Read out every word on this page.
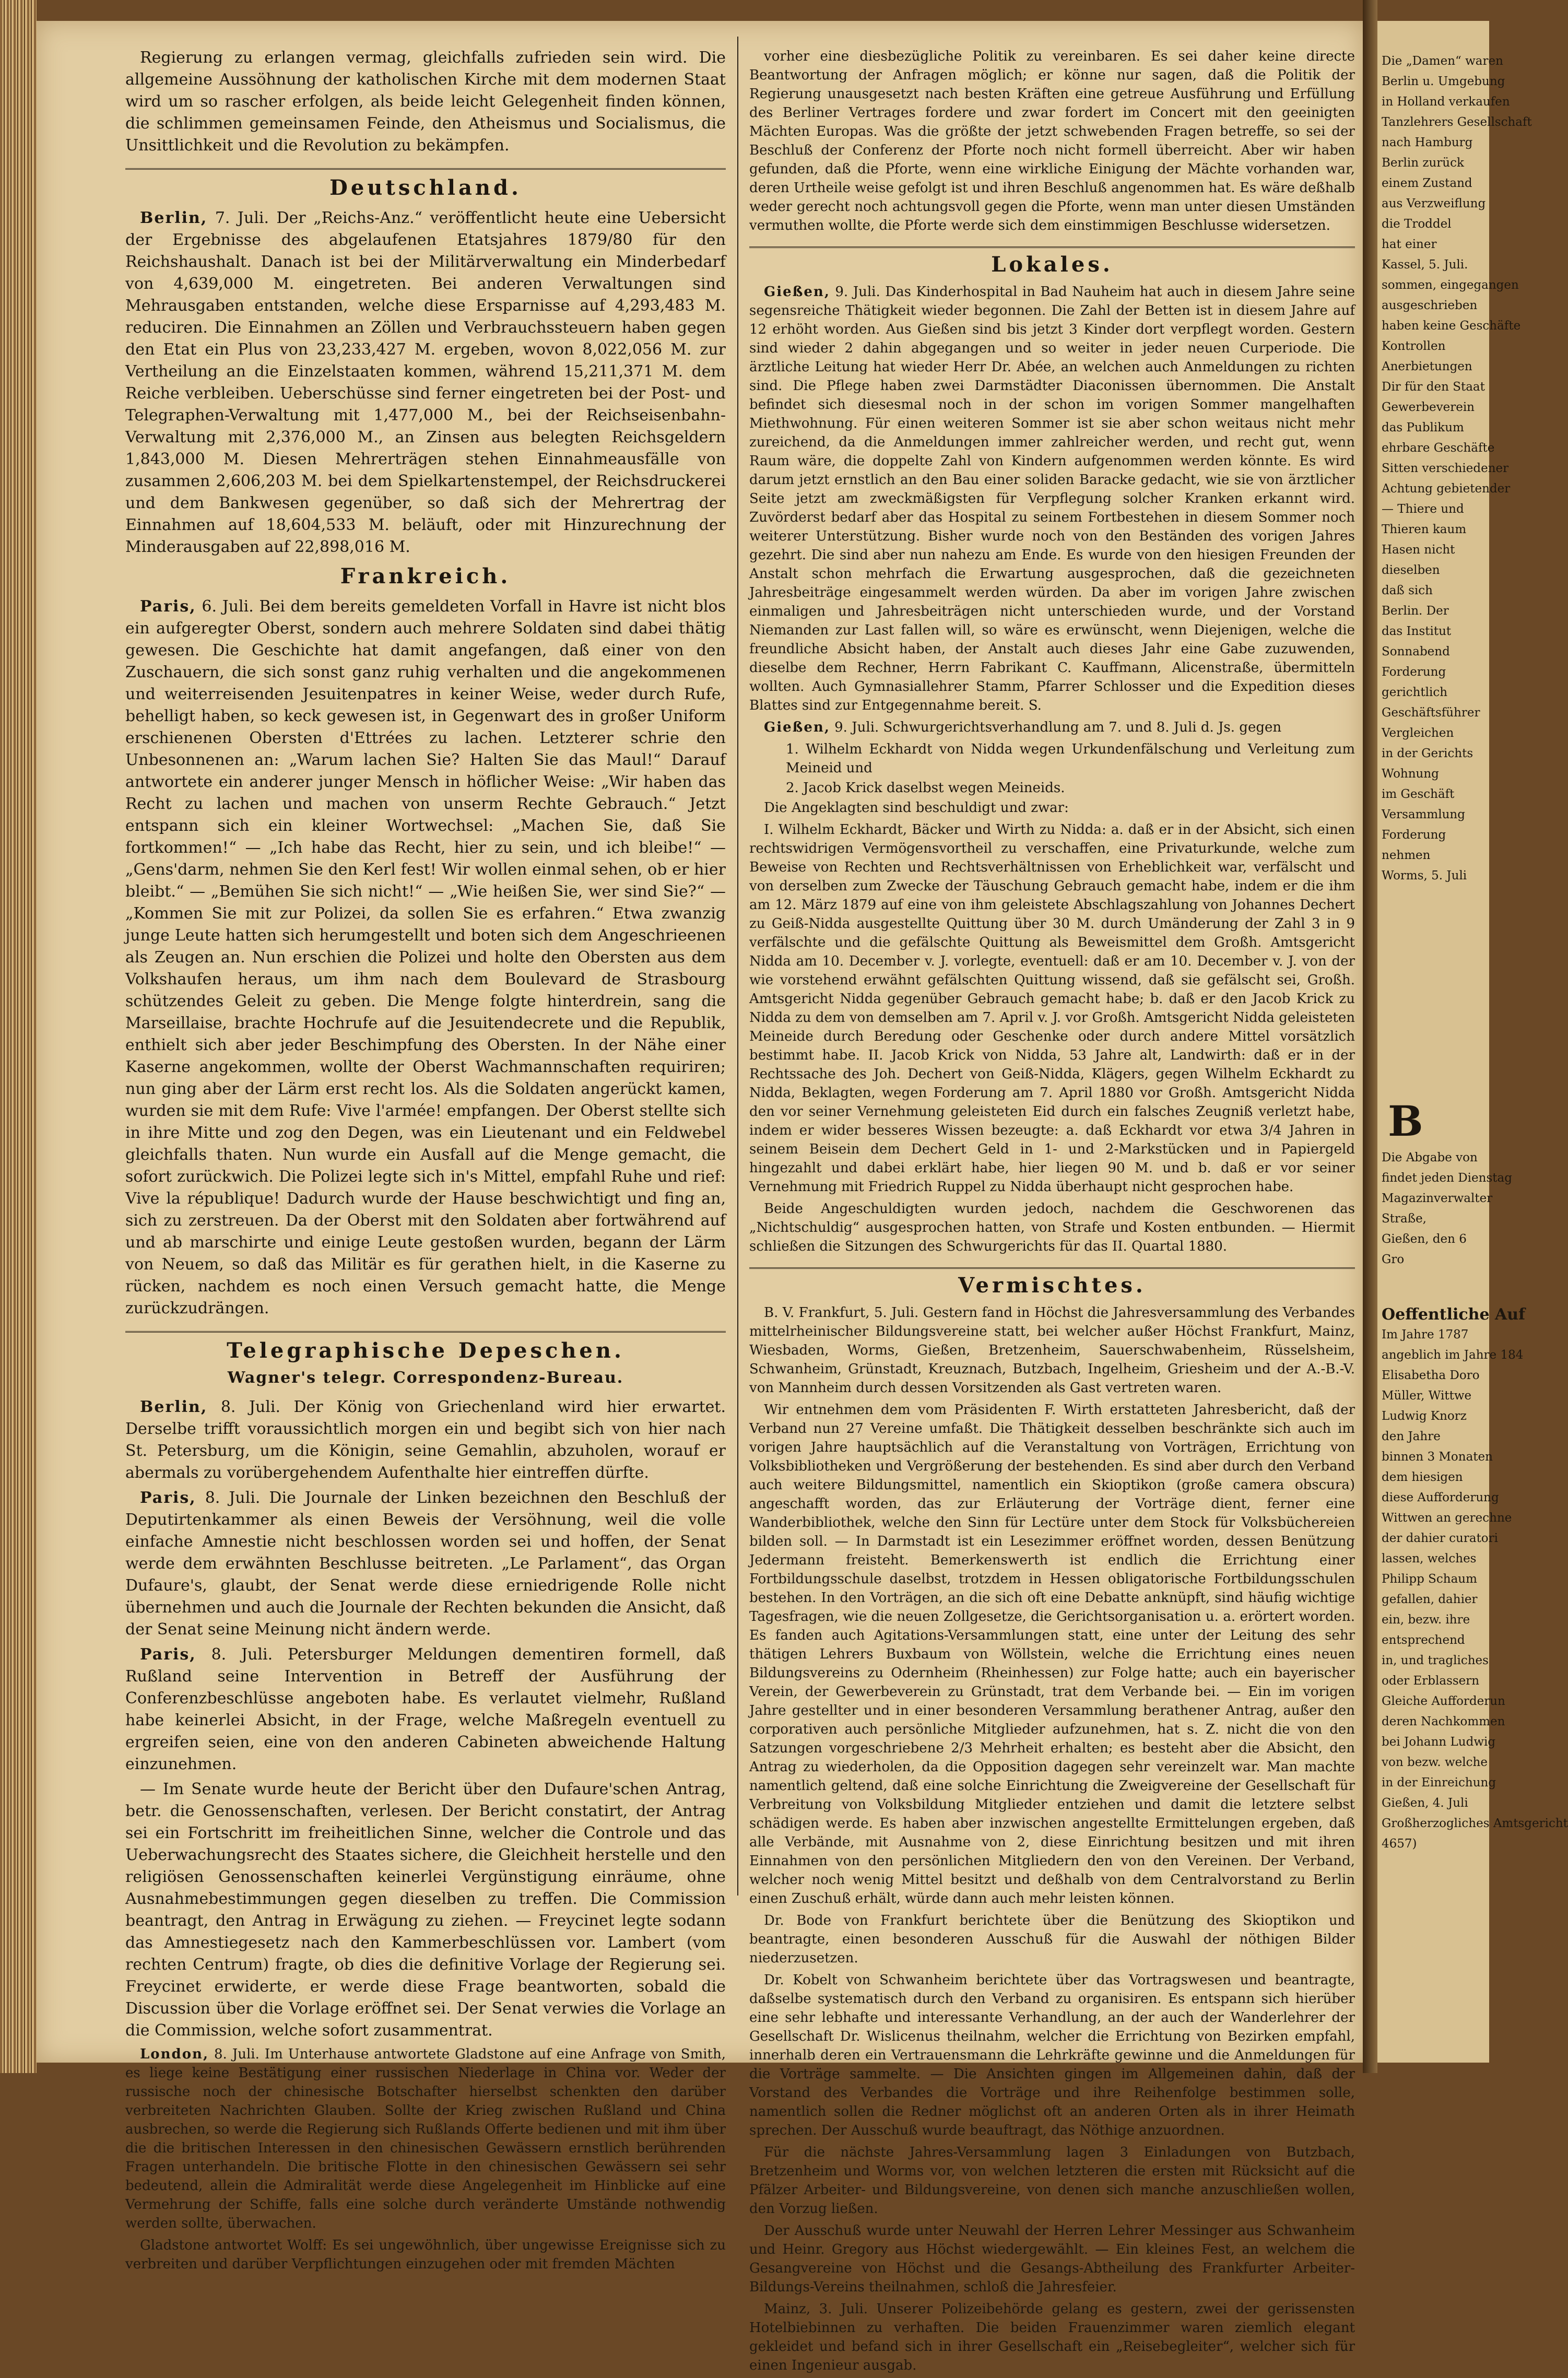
Regierung zu erlangen vermag, gleichfalls zufrieden sein wird. Die allgemeine Aussöhnung der katholischen Kirche mit dem modernen Staat wird um so rascher erfolgen, als beide leicht Gelegenheit finden können, die schlimmen gemeinsamen Feinde, den Atheismus und Socialismus, die Unsittlichkeit und die Revolution zu bekämpfen.

Deutschland.

Berlin, 7. Juli. Der „Reichs-Anz.“ veröffentlicht heute eine Uebersicht der Ergebnisse des abgelaufenen Etatsjahres 1879/80 für den Reichshaushalt. Danach ist bei der Militärverwaltung ein Minderbedarf von 4,639,000 M. eingetreten. Bei anderen Verwaltungen sind Mehrausgaben entstanden, welche diese Ersparnisse auf 4,293,483 M. reduciren. Die Einnahmen an Zöllen und Verbrauchssteuern haben gegen den Etat ein Plus von 23,233,427 M. ergeben, wovon 8,022,056 M. zur Vertheilung an die Einzelstaaten kommen, während 15,211,371 M. dem Reiche verbleiben. Ueberschüsse sind ferner eingetreten bei der Post- und Telegraphen-Verwaltung mit 1,477,000 M., bei der Reichseisenbahn-Verwaltung mit 2,376,000 M., an Zinsen aus belegten Reichsgeldern 1,843,000 M. Diesen Mehrerträgen stehen Einnahmeausfälle von zusammen 2,606,203 M. bei dem Spielkartenstempel, der Reichsdruckerei und dem Bankwesen gegenüber, so daß sich der Mehrertrag der Einnahmen auf 18,604,533 M. beläuft, oder mit Hinzurechnung der Minderausgaben auf 22,898,016 M.

Frankreich.

Paris, 6. Juli. Bei dem bereits gemeldeten Vorfall in Havre ist nicht blos ein aufgeregter Oberst, sondern auch mehrere Soldaten sind dabei thätig gewesen. Die Geschichte hat damit angefangen, daß einer von den Zuschauern, die sich sonst ganz ruhig verhalten und die angekommenen und weiterreisenden Jesuitenpatres in keiner Weise, weder durch Rufe, behelligt haben, so keck gewesen ist, in Gegenwart des in großer Uniform erschienenen Obersten d'Ettrées zu lachen. Letzterer schrie den Unbesonnenen an: „Warum lachen Sie? Halten Sie das Maul!“ Darauf antwortete ein anderer junger Mensch in höflicher Weise: „Wir haben das Recht zu lachen und machen von unserm Rechte Gebrauch.“ Jetzt entspann sich ein kleiner Wortwechsel: „Machen Sie, daß Sie fortkommen!“ — „Ich habe das Recht, hier zu sein, und ich bleibe!“ — „Gens'darm, nehmen Sie den Kerl fest! Wir wollen einmal sehen, ob er hier bleibt.“ — „Bemühen Sie sich nicht!“ — „Wie heißen Sie, wer sind Sie?“ — „Kommen Sie mit zur Polizei, da sollen Sie es erfahren.“ Etwa zwanzig junge Leute hatten sich herumgestellt und boten sich dem Angeschrieenen als Zeugen an. Nun erschien die Polizei und holte den Obersten aus dem Volkshaufen heraus, um ihm nach dem Boulevard de Strasbourg schützendes Geleit zu geben. Die Menge folgte hinterdrein, sang die Marseillaise, brachte Hochrufe auf die Jesuitendecrete und die Republik, enthielt sich aber jeder Beschimpfung des Obersten. In der Nähe einer Kaserne angekommen, wollte der Oberst Wachmannschaften requiriren; nun ging aber der Lärm erst recht los. Als die Soldaten angerückt kamen, wurden sie mit dem Rufe: Vive l'armée! empfangen. Der Oberst stellte sich in ihre Mitte und zog den Degen, was ein Lieutenant und ein Feldwebel gleichfalls thaten. Nun wurde ein Ausfall auf die Menge gemacht, die sofort zurückwich. Die Polizei legte sich in's Mittel, empfahl Ruhe und rief: Vive la république! Dadurch wurde der Hause beschwichtigt und fing an, sich zu zerstreuen. Da der Oberst mit den Soldaten aber fortwährend auf und ab marschirte und einige Leute gestoßen wurden, begann der Lärm von Neuem, so daß das Militär es für gerathen hielt, in die Kaserne zu rücken, nachdem es noch einen Versuch gemacht hatte, die Menge zurückzudrängen.

Telegraphische Depeschen.
Wagner's telegr. Correspondenz-Bureau.

Berlin, 8. Juli. Der König von Griechenland wird hier erwartet. Derselbe trifft voraussichtlich morgen ein und begibt sich von hier nach St. Petersburg, um die Königin, seine Gemahlin, abzuholen, worauf er abermals zu vorübergehendem Aufenthalte hier eintreffen dürfte.

Paris, 8. Juli. Die Journale der Linken bezeichnen den Beschluß der Deputirtenkammer als einen Beweis der Versöhnung, weil die volle einfache Amnestie nicht beschlossen worden sei und hoffen, der Senat werde dem erwähnten Beschlusse beitreten. „Le Parlament“, das Organ Dufaure's, glaubt, der Senat werde diese erniedrigende Rolle nicht übernehmen und auch die Journale der Rechten bekunden die Ansicht, daß der Senat seine Meinung nicht ändern werde.

Paris, 8. Juli. Petersburger Meldungen dementiren formell, daß Rußland seine Intervention in Betreff der Ausführung der Conferenzbeschlüsse angeboten habe. Es verlautet vielmehr, Rußland habe keinerlei Absicht, in der Frage, welche Maßregeln eventuell zu ergreifen seien, eine von den anderen Cabineten abweichende Haltung einzunehmen.

— Im Senate wurde heute der Bericht über den Dufaure'schen Antrag, betr. die Genossenschaften, verlesen. Der Bericht constatirt, der Antrag sei ein Fortschritt im freiheitlichen Sinne, welcher die Controle und das Ueberwachungsrecht des Staates sichere, die Gleichheit herstelle und den religiösen Genossenschaften keinerlei Vergünstigung einräume, ohne Ausnahmebestimmungen gegen dieselben zu treffen. Die Commission beantragt, den Antrag in Erwägung zu ziehen. — Freycinet legte sodann das Amnestiegesetz nach den Kammerbeschlüssen vor. Lambert (vom rechten Centrum) fragte, ob dies die definitive Vorlage der Regierung sei. Freycinet erwiderte, er werde diese Frage beantworten, sobald die Discussion über die Vorlage eröffnet sei. Der Senat verwies die Vorlage an die Commission, welche sofort zusammentrat.

London, 8. Juli. Im Unterhause antwortete Gladstone auf eine Anfrage von Smith, es liege keine Bestätigung einer russischen Niederlage in China vor. Weder der russische noch der chinesische Botschafter hierselbst schenkten den darüber verbreiteten Nachrichten Glauben. Sollte der Krieg zwischen Rußland und China ausbrechen, so werde die Regierung sich Rußlands Offerte bedienen und mit ihm über die die britischen Interessen in den chinesischen Gewässern ernstlich berührenden Fragen unterhandeln. Die britische Flotte in den chinesischen Gewässern sei sehr bedeutend, allein die Admiralität werde diese Angelegenheit im Hinblicke auf eine Vermehrung der Schiffe, falls eine solche durch veränderte Umstände nothwendig werden sollte, überwachen.

Gladstone antwortet Wolff: Es sei ungewöhnlich, über ungewisse Ereignisse sich zu verbreiten und darüber Verpflichtungen einzugehen oder mit fremden Mächten

vorher eine diesbezügliche Politik zu vereinbaren. Es sei daher keine directe Beantwortung der Anfragen möglich; er könne nur sagen, daß die Politik der Regierung unausgesetzt nach besten Kräften eine getreue Ausführung und Erfüllung des Berliner Vertrages fordere und zwar fordert im Concert mit den geeinigten Mächten Europas. Was die größte der jetzt schwebenden Fragen betreffe, so sei der Beschluß der Conferenz der Pforte noch nicht formell überreicht. Aber wir haben gefunden, daß die Pforte, wenn eine wirkliche Einigung der Mächte vorhanden war, deren Urtheile weise gefolgt ist und ihren Beschluß angenommen hat. Es wäre deßhalb weder gerecht noch achtungsvoll gegen die Pforte, wenn man unter diesen Umständen vermuthen wollte, die Pforte werde sich dem einstimmigen Beschlusse widersetzen.

Lokales.

Gießen, 9. Juli. Das Kinderhospital in Bad Nauheim hat auch in diesem Jahre seine segensreiche Thätigkeit wieder begonnen. Die Zahl der Betten ist in diesem Jahre auf 12 erhöht worden. Aus Gießen sind bis jetzt 3 Kinder dort verpflegt worden. Gestern sind wieder 2 dahin abgegangen und so weiter in jeder neuen Curperiode. Die ärztliche Leitung hat wieder Herr Dr. Abée, an welchen auch Anmeldungen zu richten sind. Die Pflege haben zwei Darmstädter Diaconissen übernommen. Die Anstalt befindet sich diesesmal noch in der schon im vorigen Sommer mangelhaften Miethwohnung. Für einen weiteren Sommer ist sie aber schon weitaus nicht mehr zureichend, da die Anmeldungen immer zahlreicher werden, und recht gut, wenn Raum wäre, die doppelte Zahl von Kindern aufgenommen werden könnte. Es wird darum jetzt ernstlich an den Bau einer soliden Baracke gedacht, wie sie von ärztlicher Seite jetzt am zweckmäßigsten für Verpflegung solcher Kranken erkannt wird. Zuvörderst bedarf aber das Hospital zu seinem Fortbestehen in diesem Sommer noch weiterer Unterstützung. Bisher wurde noch von den Beständen des vorigen Jahres gezehrt. Die sind aber nun nahezu am Ende. Es wurde von den hiesigen Freunden der Anstalt schon mehrfach die Erwartung ausgesprochen, daß die gezeichneten Jahresbeiträge eingesammelt werden würden. Da aber im vorigen Jahre zwischen einmaligen und Jahresbeiträgen nicht unterschieden wurde, und der Vorstand Niemanden zur Last fallen will, so wäre es erwünscht, wenn Diejenigen, welche die freundliche Absicht haben, der Anstalt auch dieses Jahr eine Gabe zuzuwenden, dieselbe dem Rechner, Herrn Fabrikant C. Kauffmann, Alicenstraße, übermitteln wollten. Auch Gymnasiallehrer Stamm, Pfarrer Schlosser und die Expedition dieses Blattes sind zur Entgegennahme bereit. S.

Gießen, 9. Juli. Schwurgerichtsverhandlung am 7. und 8. Juli d. Js. gegen

1. Wilhelm Eckhardt von Nidda wegen Urkundenfälschung und Verleitung zum Meineid und
2. Jacob Krick daselbst wegen Meineids.

Die Angeklagten sind beschuldigt und zwar:

I. Wilhelm Eckhardt, Bäcker und Wirth zu Nidda: a. daß er in der Absicht, sich einen rechtswidrigen Vermögensvortheil zu verschaffen, eine Privaturkunde, welche zum Beweise von Rechten und Rechtsverhältnissen von Erheblichkeit war, verfälscht und von derselben zum Zwecke der Täuschung Gebrauch gemacht habe, indem er die ihm am 12. März 1879 auf eine von ihm geleistete Abschlagszahlung von Johannes Dechert zu Geiß-Nidda ausgestellte Quittung über 30 M. durch Umänderung der Zahl 3 in 9 verfälschte und die gefälschte Quittung als Beweismittel dem Großh. Amtsgericht Nidda am 10. December v. J. vorlegte, eventuell: daß er am 10. December v. J. von der wie vorstehend erwähnt gefälschten Quittung wissend, daß sie gefälscht sei, Großh. Amtsgericht Nidda gegenüber Gebrauch gemacht habe; b. daß er den Jacob Krick zu Nidda zu dem von demselben am 7. April v. J. vor Großh. Amtsgericht Nidda geleisteten Meineide durch Beredung oder Geschenke oder durch andere Mittel vorsätzlich bestimmt habe. II. Jacob Krick von Nidda, 53 Jahre alt, Landwirth: daß er in der Rechtssache des Joh. Dechert von Geiß-Nidda, Klägers, gegen Wilhelm Eckhardt zu Nidda, Beklagten, wegen Forderung am 7. April 1880 vor Großh. Amtsgericht Nidda den vor seiner Vernehmung geleisteten Eid durch ein falsches Zeugniß verletzt habe, indem er wider besseres Wissen bezeugte: a. daß Eckhardt vor etwa 3/4 Jahren in seinem Beisein dem Dechert Geld in 1- und 2-Markstücken und in Papiergeld hingezahlt und dabei erklärt habe, hier liegen 90 M. und b. daß er vor seiner Vernehmung mit Friedrich Ruppel zu Nidda überhaupt nicht gesprochen habe.

Beide Angeschuldigten wurden jedoch, nachdem die Geschworenen das „Nichtschuldig“ ausgesprochen hatten, von Strafe und Kosten entbunden. — Hiermit schließen die Sitzungen des Schwurgerichts für das II. Quartal 1880.

Vermischtes.

B. V. Frankfurt, 5. Juli. Gestern fand in Höchst die Jahresversammlung des Verbandes mittelrheinischer Bildungsvereine statt, bei welcher außer Höchst Frankfurt, Mainz, Wiesbaden, Worms, Gießen, Bretzenheim, Sauerschwabenheim, Rüsselsheim, Schwanheim, Grünstadt, Kreuznach, Butzbach, Ingelheim, Griesheim und der A.-B.-V. von Mannheim durch dessen Vorsitzenden als Gast vertreten waren.

Wir entnehmen dem vom Präsidenten F. Wirth erstatteten Jahresbericht, daß der Verband nun 27 Vereine umfaßt. Die Thätigkeit desselben beschränkte sich auch im vorigen Jahre hauptsächlich auf die Veranstaltung von Vorträgen, Errichtung von Volksbibliotheken und Vergrößerung der bestehenden. Es sind aber durch den Verband auch weitere Bildungsmittel, namentlich ein Skioptikon (große camera obscura) angeschafft worden, das zur Erläuterung der Vorträge dient, ferner eine Wanderbibliothek, welche den Sinn für Lectüre unter dem Stock für Volksbüchereien bilden soll. — In Darmstadt ist ein Lesezimmer eröffnet worden, dessen Benützung Jedermann freisteht. Bemerkenswerth ist endlich die Errichtung einer Fortbildungsschule daselbst, trotzdem in Hessen obligatorische Fortbildungsschulen bestehen. In den Vorträgen, an die sich oft eine Debatte anknüpft, sind häufig wichtige Tagesfragen, wie die neuen Zollgesetze, die Gerichtsorganisation u. a. erörtert worden. Es fanden auch Agitations-Versammlungen statt, eine unter der Leitung des sehr thätigen Lehrers Buxbaum von Wöllstein, welche die Errichtung eines neuen Bildungsvereins zu Odernheim (Rheinhessen) zur Folge hatte; auch ein bayerischer Verein, der Gewerbeverein zu Grünstadt, trat dem Verbande bei. — Ein im vorigen Jahre gestellter und in einer besonderen Versammlung berathener Antrag, außer den corporativen auch persönliche Mitglieder aufzunehmen, hat s. Z. nicht die von den Satzungen vorgeschriebene 2/3 Mehrheit erhalten; es besteht aber die Absicht, den Antrag zu wiederholen, da die Opposition dagegen sehr vereinzelt war. Man machte namentlich geltend, daß eine solche Einrichtung die Zweigvereine der Gesellschaft für Verbreitung von Volksbildung Mitglieder entziehen und damit die letztere selbst schädigen werde. Es haben aber inzwischen angestellte Ermittelungen ergeben, daß alle Verbände, mit Ausnahme von 2, diese Einrichtung besitzen und mit ihren Einnahmen von den persönlichen Mitgliedern den von den Vereinen. Der Verband, welcher noch wenig Mittel besitzt und deßhalb von dem Centralvorstand zu Berlin einen Zuschuß erhält, würde dann auch mehr leisten können.

Dr. Bode von Frankfurt berichtete über die Benützung des Skioptikon und beantragte, einen besonderen Ausschuß für die Auswahl der nöthigen Bilder niederzusetzen.

Dr. Kobelt von Schwanheim berichtete über das Vortragswesen und beantragte, daßselbe systematisch durch den Verband zu organisiren. Es entspann sich hierüber eine sehr lebhafte und interessante Verhandlung, an der auch der Wanderlehrer der Gesellschaft Dr. Wislicenus theilnahm, welcher die Errichtung von Bezirken empfahl, innerhalb deren ein Vertrauensmann die Lehrkräfte gewinne und die Anmeldungen für die Vorträge sammelte. — Die Ansichten gingen im Allgemeinen dahin, daß der Vorstand des Verbandes die Vorträge und ihre Reihenfolge bestimmen solle, namentlich sollen die Redner möglichst oft an anderen Orten als in ihrer Heimath sprechen. Der Ausschuß wurde beauftragt, das Nöthige anzuordnen.

Für die nächste Jahres-Versammlung lagen 3 Einladungen von Butzbach, Bretzenheim und Worms vor, von welchen letzteren die ersten mit Rücksicht auf die Pfälzer Arbeiter- und Bildungsvereine, von denen sich manche anzuschließen wollen, den Vorzug ließen.

Der Ausschuß wurde unter Neuwahl der Herren Lehrer Messinger aus Schwanheim und Heinr. Gregory aus Höchst wiedergewählt. — Ein kleines Fest, an welchem die Gesangvereine von Höchst und die Gesangs-Abtheilung des Frankfurter Arbeiter-Bildungs-Vereins theilnahmen, schloß die Jahresfeier.

Mainz, 3. Juli. Unserer Polizeibehörde gelang es gestern, zwei der gerissensten Hotelbiebinnen zu verhaften. Die beiden Frauenzimmer waren ziemlich elegant gekleidet und befand sich in ihrer Gesellschaft ein „Reisebegleiter“, welcher sich für einen Ingenieur ausgab.

Die „Damen“ waren

Berlin u. Umgebung

in Holland verkaufen

Tanzlehrers Gesellschaft

nach Hamburg

Berlin zurück

einem Zustand

aus Verzweiflung

die Troddel

hat einer

Kassel, 5. Juli.

sommen, eingegangen

ausgeschrieben

haben keine Geschäfte

Kontrollen

Anerbietungen

Dir für den Staat

Gewerbeverein

das Publikum

ehrbare Geschäfte

Sitten verschiedener

Achtung gebietender

— Thiere und

Thieren kaum

Hasen nicht

dieselben

daß sich

Berlin. Der

das Institut

Sonnabend

Forderung

gerichtlich

Geschäftsführer

Vergleichen

in der Gerichts

Wohnung

im Geschäft

Versammlung

Forderung

nehmen

Worms, 5. Juli

B

Die Abgabe von

findet jeden Dienstag

Magazinverwalter

Straße,

Gießen, den 6

Gro

Oeffentliche Auf

Im Jahre 1787

angeblich im Jahre 184

Elisabetha Doro

Müller, Wittwe

Ludwig Knorz

den Jahre

binnen 3 Monaten

dem hiesigen

diese Aufforderung

Wittwen an gerechne

der dahier curatori

lassen, welches

Philipp Schaum

gefallen, dahier

ein, bezw. ihre

entsprechend

in, und tragliches

oder Erblassern

Gleiche Aufforderun

deren Nachkommen

bei Johann Ludwig

von bezw. welche

in der Einreichung

Gießen, 4. Juli

Großherzogliches Amtsgericht

4657)
